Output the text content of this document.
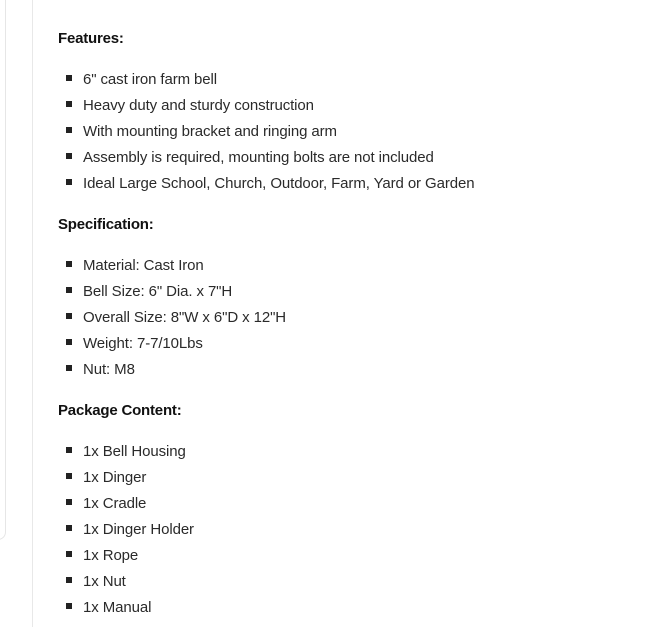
Features:
6" cast iron farm bell
Heavy duty and sturdy construction
With mounting bracket and ringing arm
Assembly is required, mounting bolts are not included
Ideal Large School, Church, Outdoor, Farm, Yard or Garden
Specification:
Material: Cast Iron
Bell Size: 6" Dia. x 7"H
Overall Size: 8"W x 6"D x 12"H
Weight: 7-7/10Lbs
Nut: M8
Package Content:
1x Bell Housing
1x Dinger
1x Cradle
1x Dinger Holder
1x Rope
1x Nut
1x Manual
